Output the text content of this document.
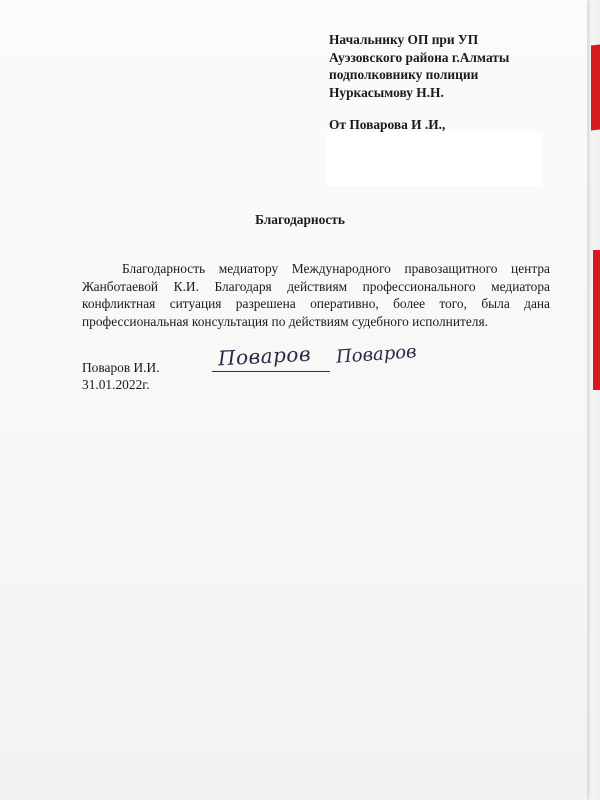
Начальнику ОП при УП
Ауэзовского района г.Алматы
подполковнику полиции
Нуркасымову Н.Н.
От Поварова И .И.,
Благодарность
Благодарность медиатору Международного правозащитного центра Жанботаевой К.И. Благодаря действиям профессионального медиатора конфликтная ситуация разрешена оперативно, более того, была дана профессиональная консультация по действиям судебного исполнителя.
Поваров И.И.
31.01.2022г.
Поваров Поваров
